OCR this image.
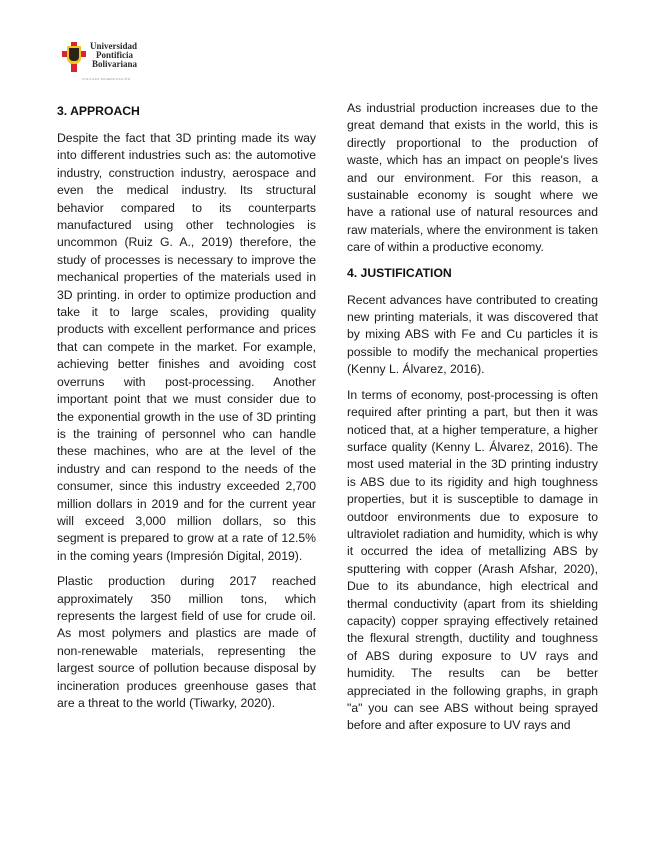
Universidad
Pontificia
Bolivariana
VIGILADA MINEDUCACIÓN
3. APPROACH

Despite the fact that 3D printing made its way into different industries such as: the automotive industry, construction industry, aerospace and even the medical industry. Its structural behavior compared to its counterparts manufactured using other technologies is uncommon (Ruiz G. A., 2019) therefore, the study of processes is necessary to improve the mechanical properties of the materials used in 3D printing. in order to optimize production and take it to large scales, providing quality products with excellent performance and prices that can compete in the market. For example, achieving better finishes and avoiding cost overruns with post-processing. Another important point that we must consider due to the exponential growth in the use of 3D printing is the training of personnel who can handle these machines, who are at the level of the industry and can respond to the needs of the consumer, since this industry exceeded 2,700 million dollars in 2019 and for the current year will exceed 3,000 million dollars, so this segment is prepared to grow at a rate of 12.5% in the coming years (Impresión Digital, 2019).

Plastic production during 2017 reached approximately 350 million tons, which represents the largest field of use for crude oil. As most polymers and plastics are made of non-renewable materials, representing the largest source of pollution because disposal by incineration produces greenhouse gases that are a threat to the world (Tiwarky, 2020).

As industrial production increases due to the great demand that exists in the world, this is directly proportional to the production of waste, which has an impact on people's lives and our environment. For this reason, a sustainable economy is sought where we have a rational use of natural resources and raw materials, where the environment is taken care of within a productive economy.

4. JUSTIFICATION

Recent advances have contributed to creating new printing materials, it was discovered that by mixing ABS with Fe and Cu particles it is possible to modify the mechanical properties (Kenny L. Álvarez, 2016).

In terms of economy, post-processing is often required after printing a part, but then it was noticed that, at a higher temperature, a higher surface quality (Kenny L. Álvarez, 2016). The most used material in the 3D printing industry is ABS due to its rigidity and high toughness properties, but it is susceptible to damage in outdoor environments due to exposure to ultraviolet radiation and humidity, which is why it occurred the idea of metallizing ABS by sputtering with copper (Arash Afshar, 2020), Due to its abundance, high electrical and thermal conductivity (apart from its shielding capacity) copper spraying effectively retained the flexural strength, ductility and toughness of ABS during exposure to UV rays and humidity. The results can be better appreciated in the following graphs, in graph "a" you can see ABS without being sprayed before and after exposure to UV rays and
